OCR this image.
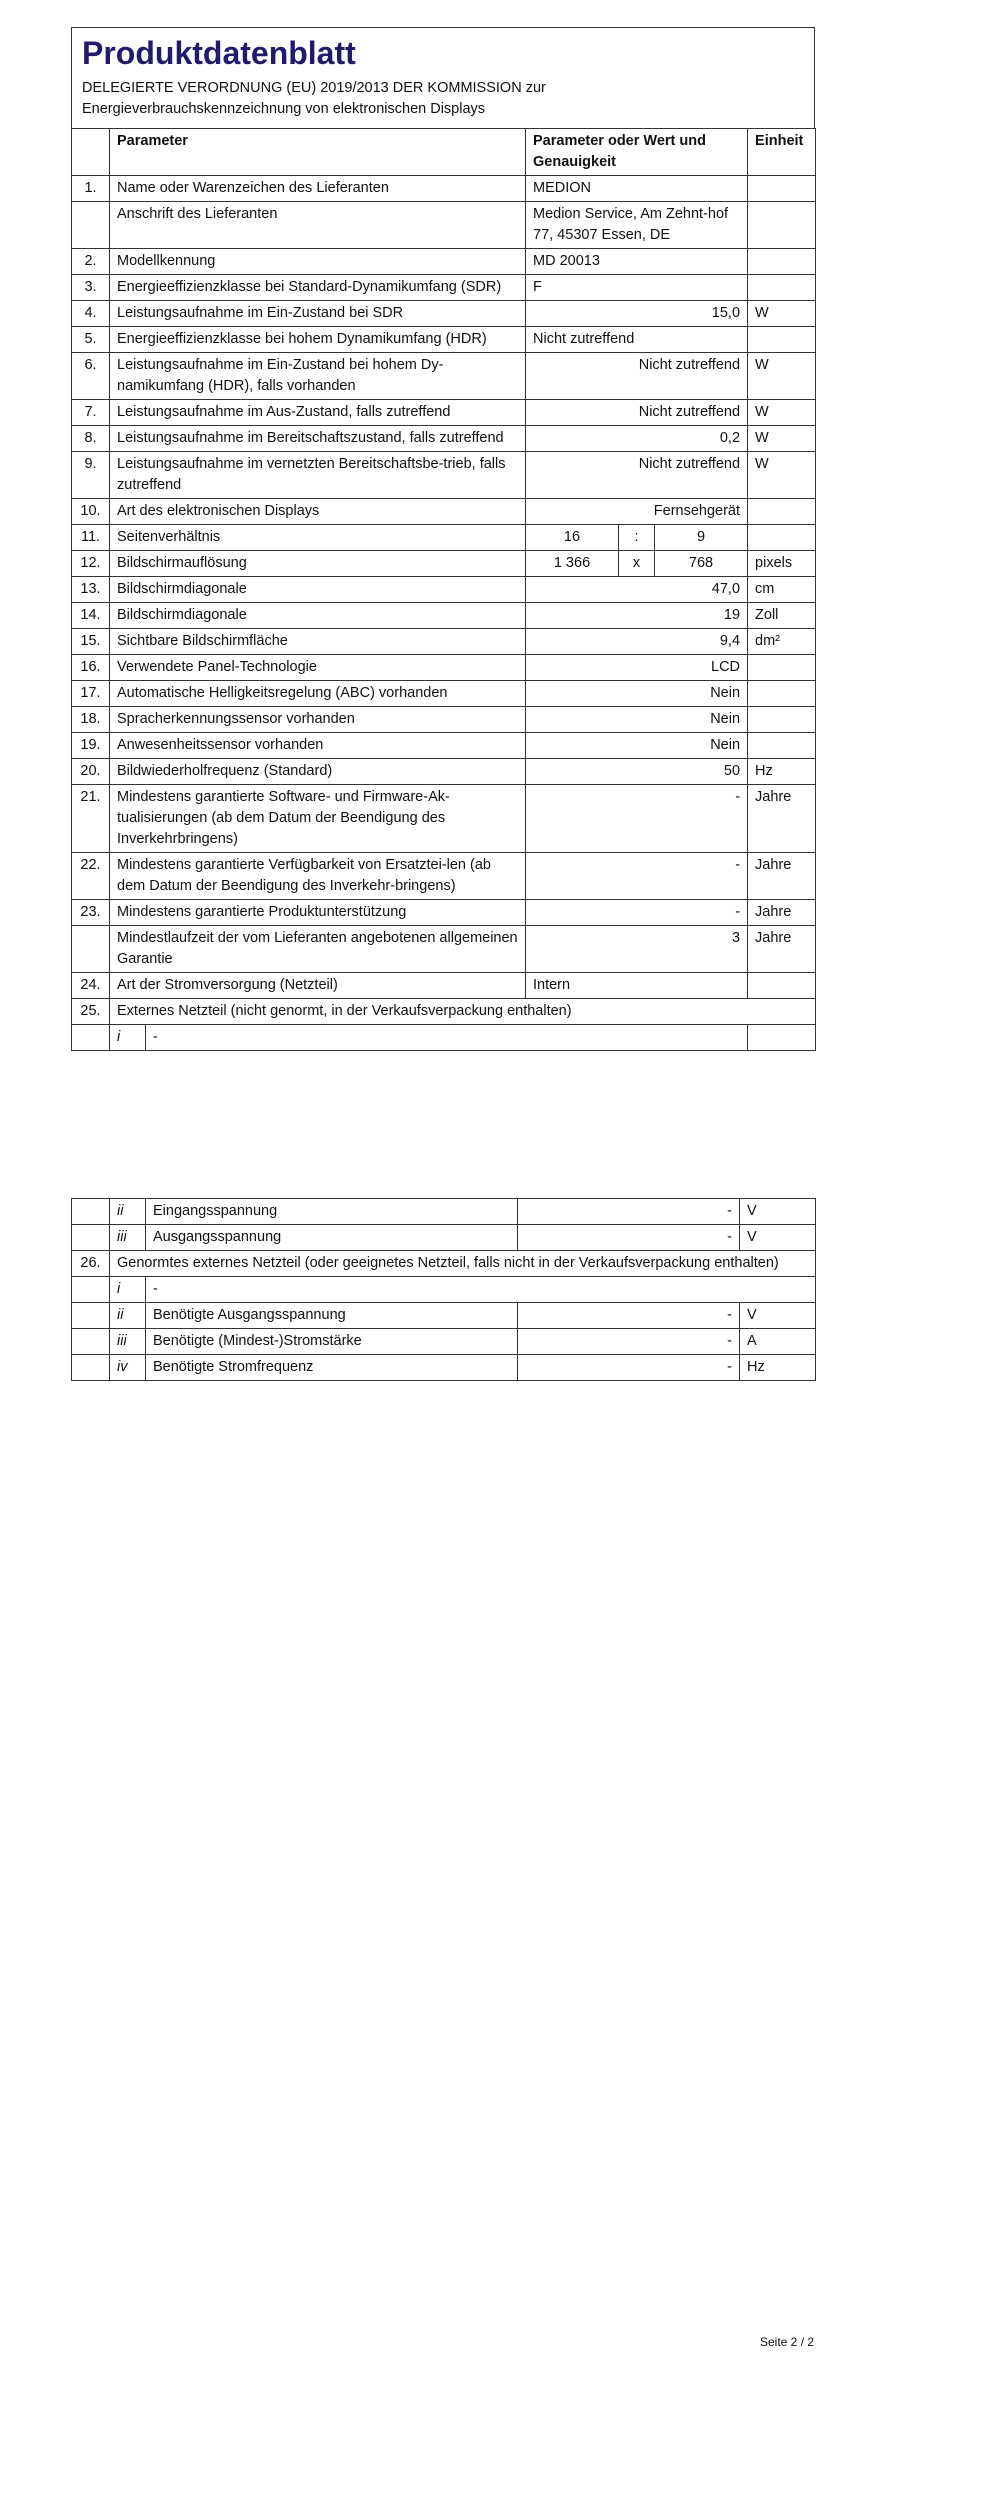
Produktdatenblatt
DELEGIERTE VERORDNUNG (EU) 2019/2013 DER KOMMISSION zur
Energieverbrauchskennzeichnung von elektronischen Displays
	Parameter		Parameter oder Wert und Genauigkeit			Einheit
1.	Name oder Warenzeichen des Lieferanten		MEDION			
	Anschrift des Lieferanten		Medion Service, Am Zehnt-hof 77, 45307 Essen, DE			
2.	Modellkennung		MD 20013			
3.	Energieeffizienzklasse bei Standard-Dynamikumfang (SDR)		F			
4.	Leistungsaufnahme im Ein-Zustand bei SDR		15,0			W
5.	Energieeffizienzklasse bei hohem Dynamikumfang (HDR)		Nicht zutreffend			
6.	Leistungsaufnahme im Ein-Zustand bei hohem Dy-namikumfang (HDR), falls vorhanden		Nicht zutreffend			W
7.	Leistungsaufnahme im Aus-Zustand, falls zutreffend		Nicht zutreffend			W
8.	Leistungsaufnahme im Bereitschaftszustand, falls zutreffend		0,2			W
9.	Leistungsaufnahme im vernetzten Bereitschaftsbe-trieb, falls zutreffend		Nicht zutreffend			W
10.	Art des elektronischen Displays		Fernsehgerät			
11.	Seitenverhältnis		16	:	9	
12.	Bildschirmauflösung		1 366	x	768	pixels
13.	Bildschirmdiagonale		47,0			cm
14.	Bildschirmdiagonale		19			Zoll
15.	Sichtbare Bildschirmfläche		9,4			dm²
16.	Verwendete Panel-Technologie		LCD			
17.	Automatische Helligkeitsregelung (ABC) vorhanden		Nein			
18.	Spracherkennungssensor vorhanden		Nein			
19.	Anwesenheitssensor vorhanden		Nein			
20.	Bildwiederholfrequenz (Standard)		50			Hz
21.	Mindestens garantierte Software- und Firmware-Ak-tualisierungen (ab dem Datum der Beendigung des Inverkehrbringens)		-			Jahre
22.	Mindestens garantierte Verfügbarkeit von Ersatztei-len (ab dem Datum der Beendigung des Inverkehr-bringens)		-			Jahre
23.	Mindestens garantierte Produktunterstützung		-			Jahre
	Mindestlaufzeit der vom Lieferanten angebotenen allgemeinen Garantie		3			Jahre
24.	Art der Stromversorgung (Netzteil)		Intern			
25.	Externes Netzteil (nicht genormt, in der Verkaufsverpackung enthalten)					
	i	-				
	ii	Eingangsspannung	-	V
	iii	Ausgangsspannung	-	V
26.	Genormtes externes Netzteil (oder geeignetes Netzteil, falls nicht in der Verkaufsverpackung enthalten)			
	i	-		
	ii	Benötigte Ausgangsspannung	-	V
	iii	Benötigte (Mindest-)Stromstärke	-	A
	iv	Benötigte Stromfrequenz	-	Hz
Seite 2 / 2
